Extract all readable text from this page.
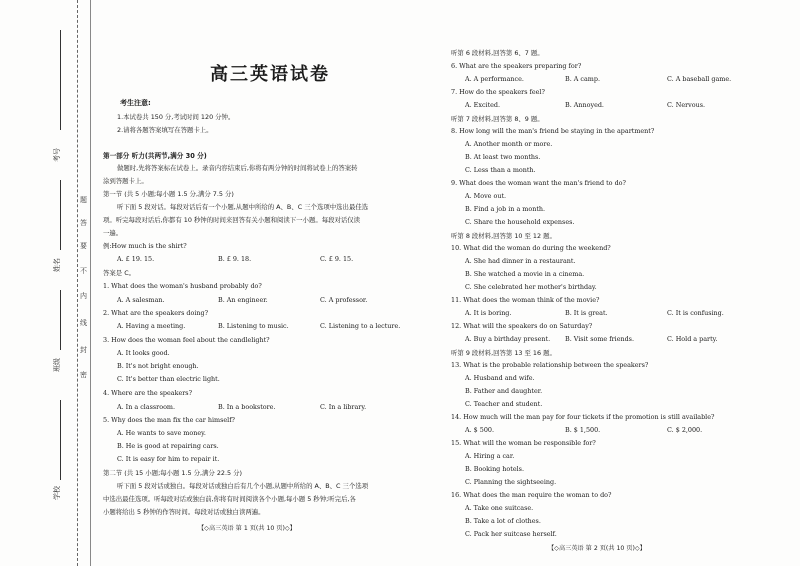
考号
姓名
班级
学校
题
答
要
不
内
线
封
密
高三英语试卷
考生注意:
1.本试卷共 150 分,考试时间 120 分钟。
2.请将各题答案填写在答题卡上。
第一部分 听力(共两节,满分 30 分)
做题时,先将答案标在试卷上。录音内容结束后,你将有两分钟的时间将试卷上的答案转
涂到答题卡上。
第一节 (共 5 小题;每小题 1.5 分,满分 7.5 分)
听下面 5 段对话。每段对话后有一个小题,从题中所给的 A、B、C 三个选项中选出最佳选
项。听完每段对话后,你都有 10 秒钟的时间来回答有关小题和阅读下一小题。每段对话仅读
一遍。
例:How much is the shirt?
A. £ 19. 15.	B. £ 9. 18.	C. £ 9. 15.
答案是 C。
1. What does the woman's husband probably do?
A. A salesman.	B. An engineer.	C. A professor.
2. What are the speakers doing?
A. Having a meeting.	B. Listening to music.	C. Listening to a lecture.
3. How does the woman feel about the candlelight?
A. It looks good.
B. It's not bright enough.
C. It's better than electric light.
4. Where are the speakers?
A. In a classroom.	B. In a bookstore.	C. In a library.
5. Why does the man fix the car himself?
A. He wants to save money.
B. He is good at repairing cars.
C. It is easy for him to repair it.
第二节 (共 15 小题;每小题 1.5 分,满分 22.5 分)
听下面 5 段对话或独白。每段对话或独白后有几个小题,从题中所给的 A、B、C 三个选项
中选出最佳选项。听每段对话或独白前,你将有时间阅读各个小题,每小题 5 秒钟;听完后,各
小题将给出 5 秒钟的作答时间。每段对话或独白读两遍。
【◇高三英语 第 1 页(共 10 页)◇】
听第 6 段材料,回答第 6、7 题。
6. What are the speakers preparing for?
A. A performance.	B. A camp.	C. A baseball game.
7. How do the speakers feel?
A. Excited.	B. Annoyed.	C. Nervous.
听第 7 段材料,回答第 8、9 题。
8. How long will the man's friend be staying in the apartment?
A. Another month or more.
B. At least two months.
C. Less than a month.
9. What does the woman want the man's friend to do?
A. Move out.
B. Find a job in a month.
C. Share the household expenses.
听第 8 段材料,回答第 10 至 12 题。
10. What did the woman do during the weekend?
A. She had dinner in a restaurant.
B. She watched a movie in a cinema.
C. She celebrated her mother's birthday.
11. What does the woman think of the movie?
A. It is boring.	B. It is great.	C. It is confusing.
12. What will the speakers do on Saturday?
A. Buy a birthday present. B. Visit some friends.	C. Hold a party.
听第 9 段材料,回答第 13 至 16 题。
13. What is the probable relationship between the speakers?
A. Husband and wife.
B. Father and daughter.
C. Teacher and student.
14. How much will the man pay for four tickets if the promotion is still available?
A. $ 500.	B. $ 1,500.	C. $ 2,000.
15. What will the woman be responsible for?
A. Hiring a car.
B. Booking hotels.
C. Planning the sightseeing.
16. What does the man require the woman to do?
A. Take one suitcase.
B. Take a lot of clothes.
C. Pack her suitcase herself.
【◇高三英语 第 2 页(共 10 页)◇】
